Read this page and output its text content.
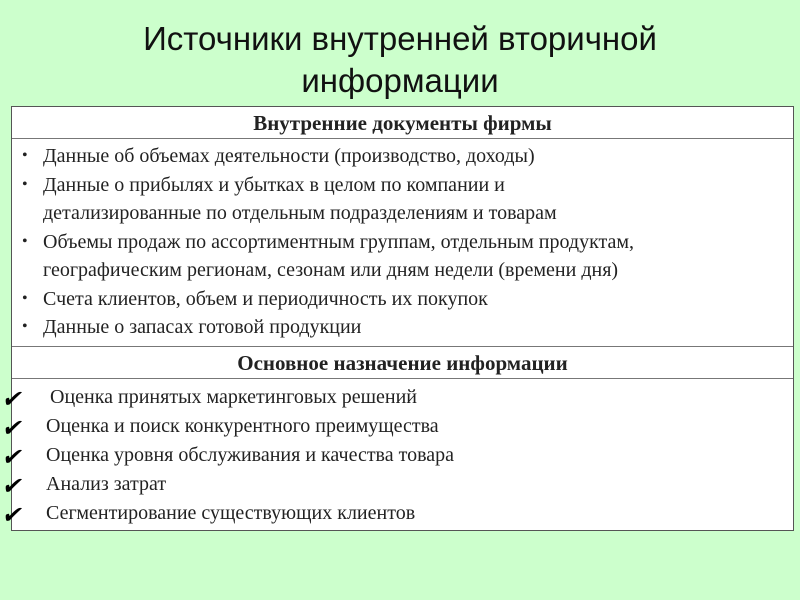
Источники внутренней вторичной
информации
Внутренние документы фирмы
• Данные об объемах деятельности (производство, доходы)
• Данные о прибылях и убытках в целом по компании и
детализированные по отдельным подразделениям и товарам
• Объемы продаж по ассортиментным группам, отдельным продуктам,
географическим регионам, сезонам или дням недели (времени дня)
• Счета клиентов, объем и периодичность их покупок
• Данные о запасах готовой продукции
Основное назначение информации
✔ Оценка принятых маркетинговых решений
✔ Оценка и поиск конкурентного преимущества
✔ Оценка уровня обслуживания и качества товара
✔ Анализ затрат
✔ Сегментирование существующих клиентов
